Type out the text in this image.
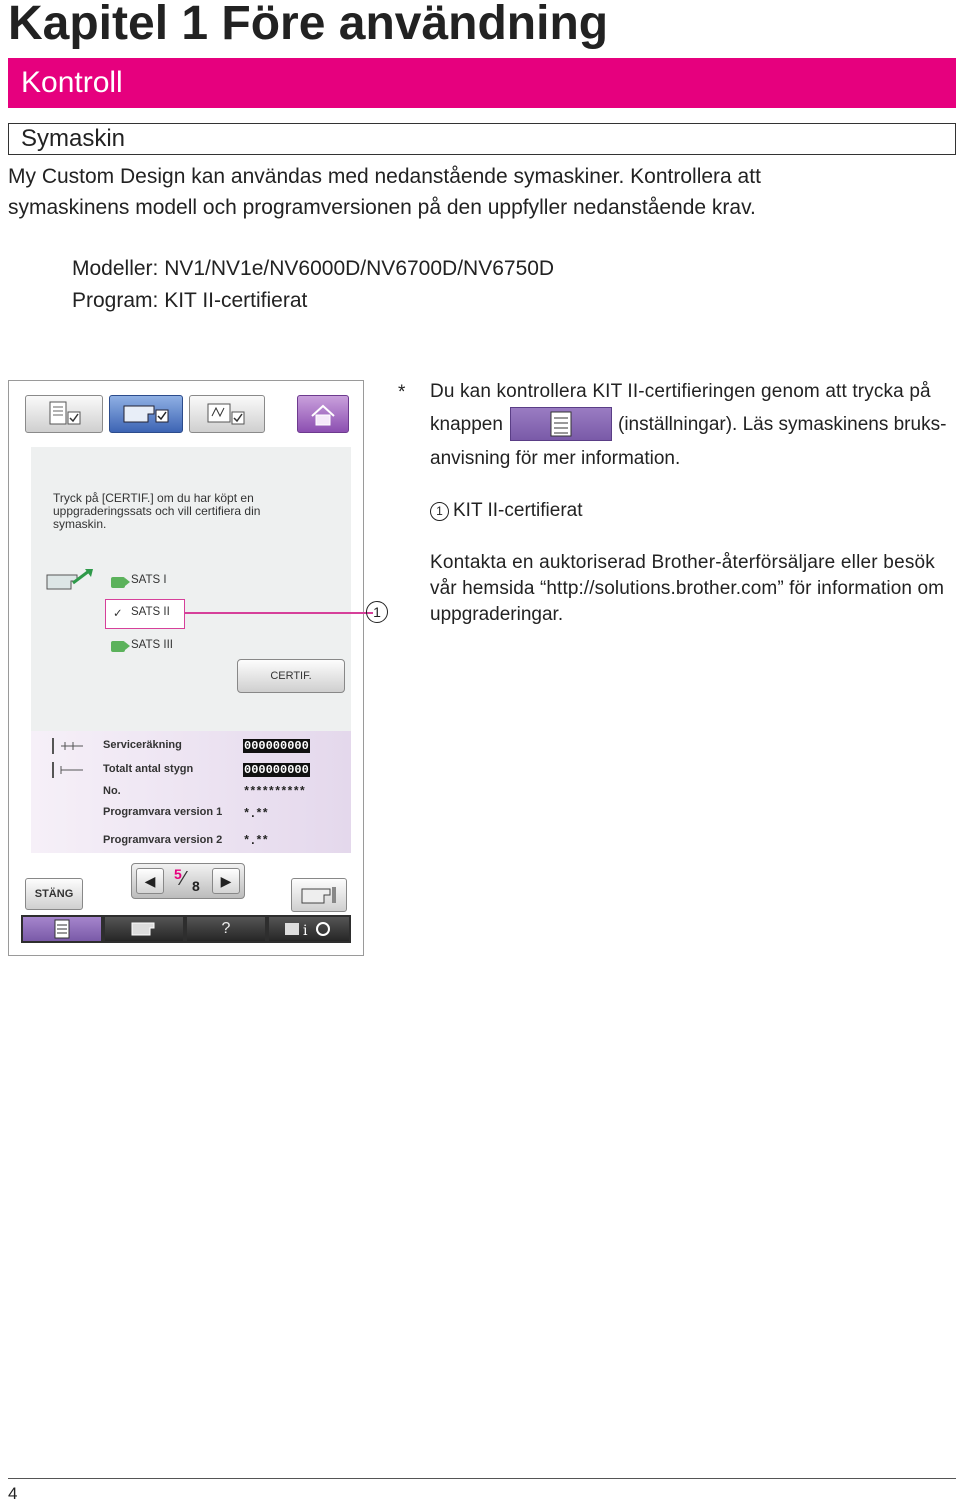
Kapitel 1 Före användning
Kontroll
Symaskin
My Custom Design kan användas med nedanstående symaskiner. Kontrollera att
symaskinens modell och programversionen på den uppfyller nedanstående krav.
Modeller: NV1/NV1e/NV6000D/NV6700D/NV6750D
Program: KIT II-certifierat
Tryck på [CERTIF.] om du har köpt en
uppgraderingssats och vill certifiera din
symaskin.
SATS I
✓ SATS II
SATS III
CERTIF.
Serviceräkning	000000000
Totalt antal stygn	000000000
No.	**********
Programvara version 1 *.**
Programvara version 2 *.**
STÄNG
◀	5 ⁄ 8	▶
?	i
1
* Du kan kontrollera KIT II-certifieringen genom att trycka på
knappen	(inställningar). Läs symaskinens bruks-
anvisning för mer information.
1 KIT II-certifierat
Kontakta en auktoriserad Brother-återförsäljare eller besök
vår hemsida “http://solutions.brother.com” för information om
uppgraderingar.
4
